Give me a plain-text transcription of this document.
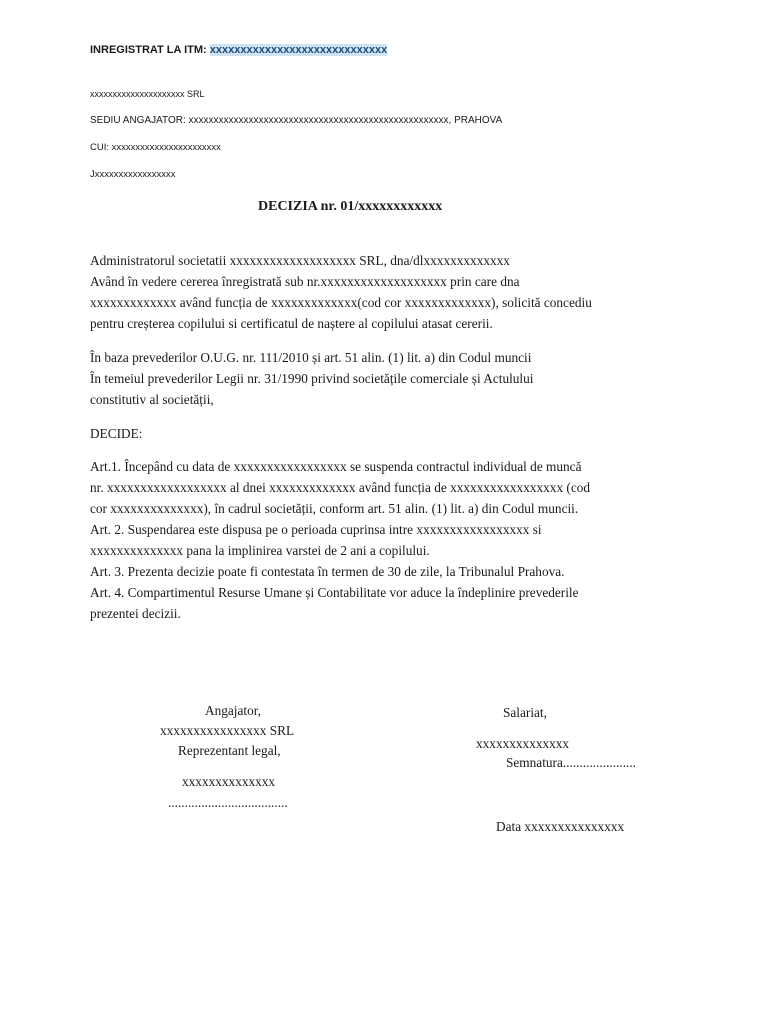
INREGISTRAT LA ITM: xxxxxxxxxxxxxxxxxxxxxxxxxxxxx
xxxxxxxxxxxxxxxxxxxxx SRL
SEDIU ANGAJATOR: xxxxxxxxxxxxxxxxxxxxxxxxxxxxxxxxxxxxxxxxxxxxxxxxxxxx, PRAHOVA
CUI: xxxxxxxxxxxxxxxxxxxxxxx
Jxxxxxxxxxxxxxxxxx
DECIZIA nr. 01/xxxxxxxxxxxx
Administratorul societatii xxxxxxxxxxxxxxxxxxx SRL, dna/dlxxxxxxxxxxxxx
Având în vedere cererea înregistrată sub nr.xxxxxxxxxxxxxxxxxxx prin care dna
xxxxxxxxxxxxx având funcția de xxxxxxxxxxxxx(cod cor xxxxxxxxxxxxx), solicită concediu
pentru creșterea copilului si certificatul de naștere al copilului atasat cererii.
În baza prevederilor O.U.G. nr. 111/2010 și art. 51 alin. (1) lit. a) din Codul muncii
În temeiul prevederilor Legii nr. 31/1990 privind societățile comerciale și Actulului
constitutiv al societății,
DECIDE:
Art.1. Începând cu data de xxxxxxxxxxxxxxxxx se suspenda contractul individual de muncă
nr. xxxxxxxxxxxxxxxxxx al dnei xxxxxxxxxxxxx având funcția de xxxxxxxxxxxxxxxxx (cod
cor xxxxxxxxxxxxxx), în cadrul societății, conform art. 51 alin. (1) lit. a) din Codul muncii.
Art. 2. Suspendarea este dispusa pe o perioada cuprinsa intre xxxxxxxxxxxxxxxxx si
xxxxxxxxxxxxxx pana la implinirea varstei de 2 ani a copilului.
Art. 3. Prezenta decizie poate fi contestata în termen de 30 de zile, la Tribunalul Prahova.
Art. 4. Compartimentul Resurse Umane și Contabilitate vor aduce la îndeplinire prevederile
prezentei decizii.
Angajator,
xxxxxxxxxxxxxxxx SRL
Reprezentant legal,
xxxxxxxxxxxxxx
....................................
Salariat,
xxxxxxxxxxxxxx
Semnatura......................
Data xxxxxxxxxxxxxxx
